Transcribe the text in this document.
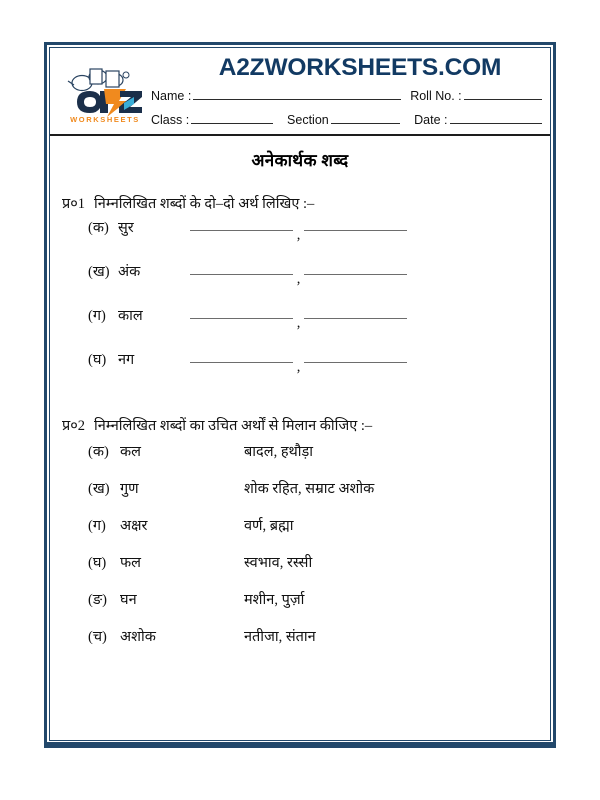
WORKSHEETS
A2ZWORKSHEETS.COM
Name :	Roll No. :
Class :	Section	Date :
अनेकार्थक शब्द
प्र०1 निम्नलिखित शब्दों के दो–दो अर्थ लिखिए :–
(क) सुर	,
(ख) अंक	,
(ग) काल	,
(घ) नग	,
प्र०2 निम्नलिखित शब्दों का उचित अर्थों से मिलान कीजिए :–
(क) कल	बादल, हथौड़ा
(ख) गुण	शोक रहित, सम्राट अशोक
(ग) अक्षर	वर्ण, ब्रह्मा
(घ) फल	स्वभाव, रस्सी
(ङ) घन	मशीन, पुर्ज़ा
(च) अशोक	नतीजा, संतान
